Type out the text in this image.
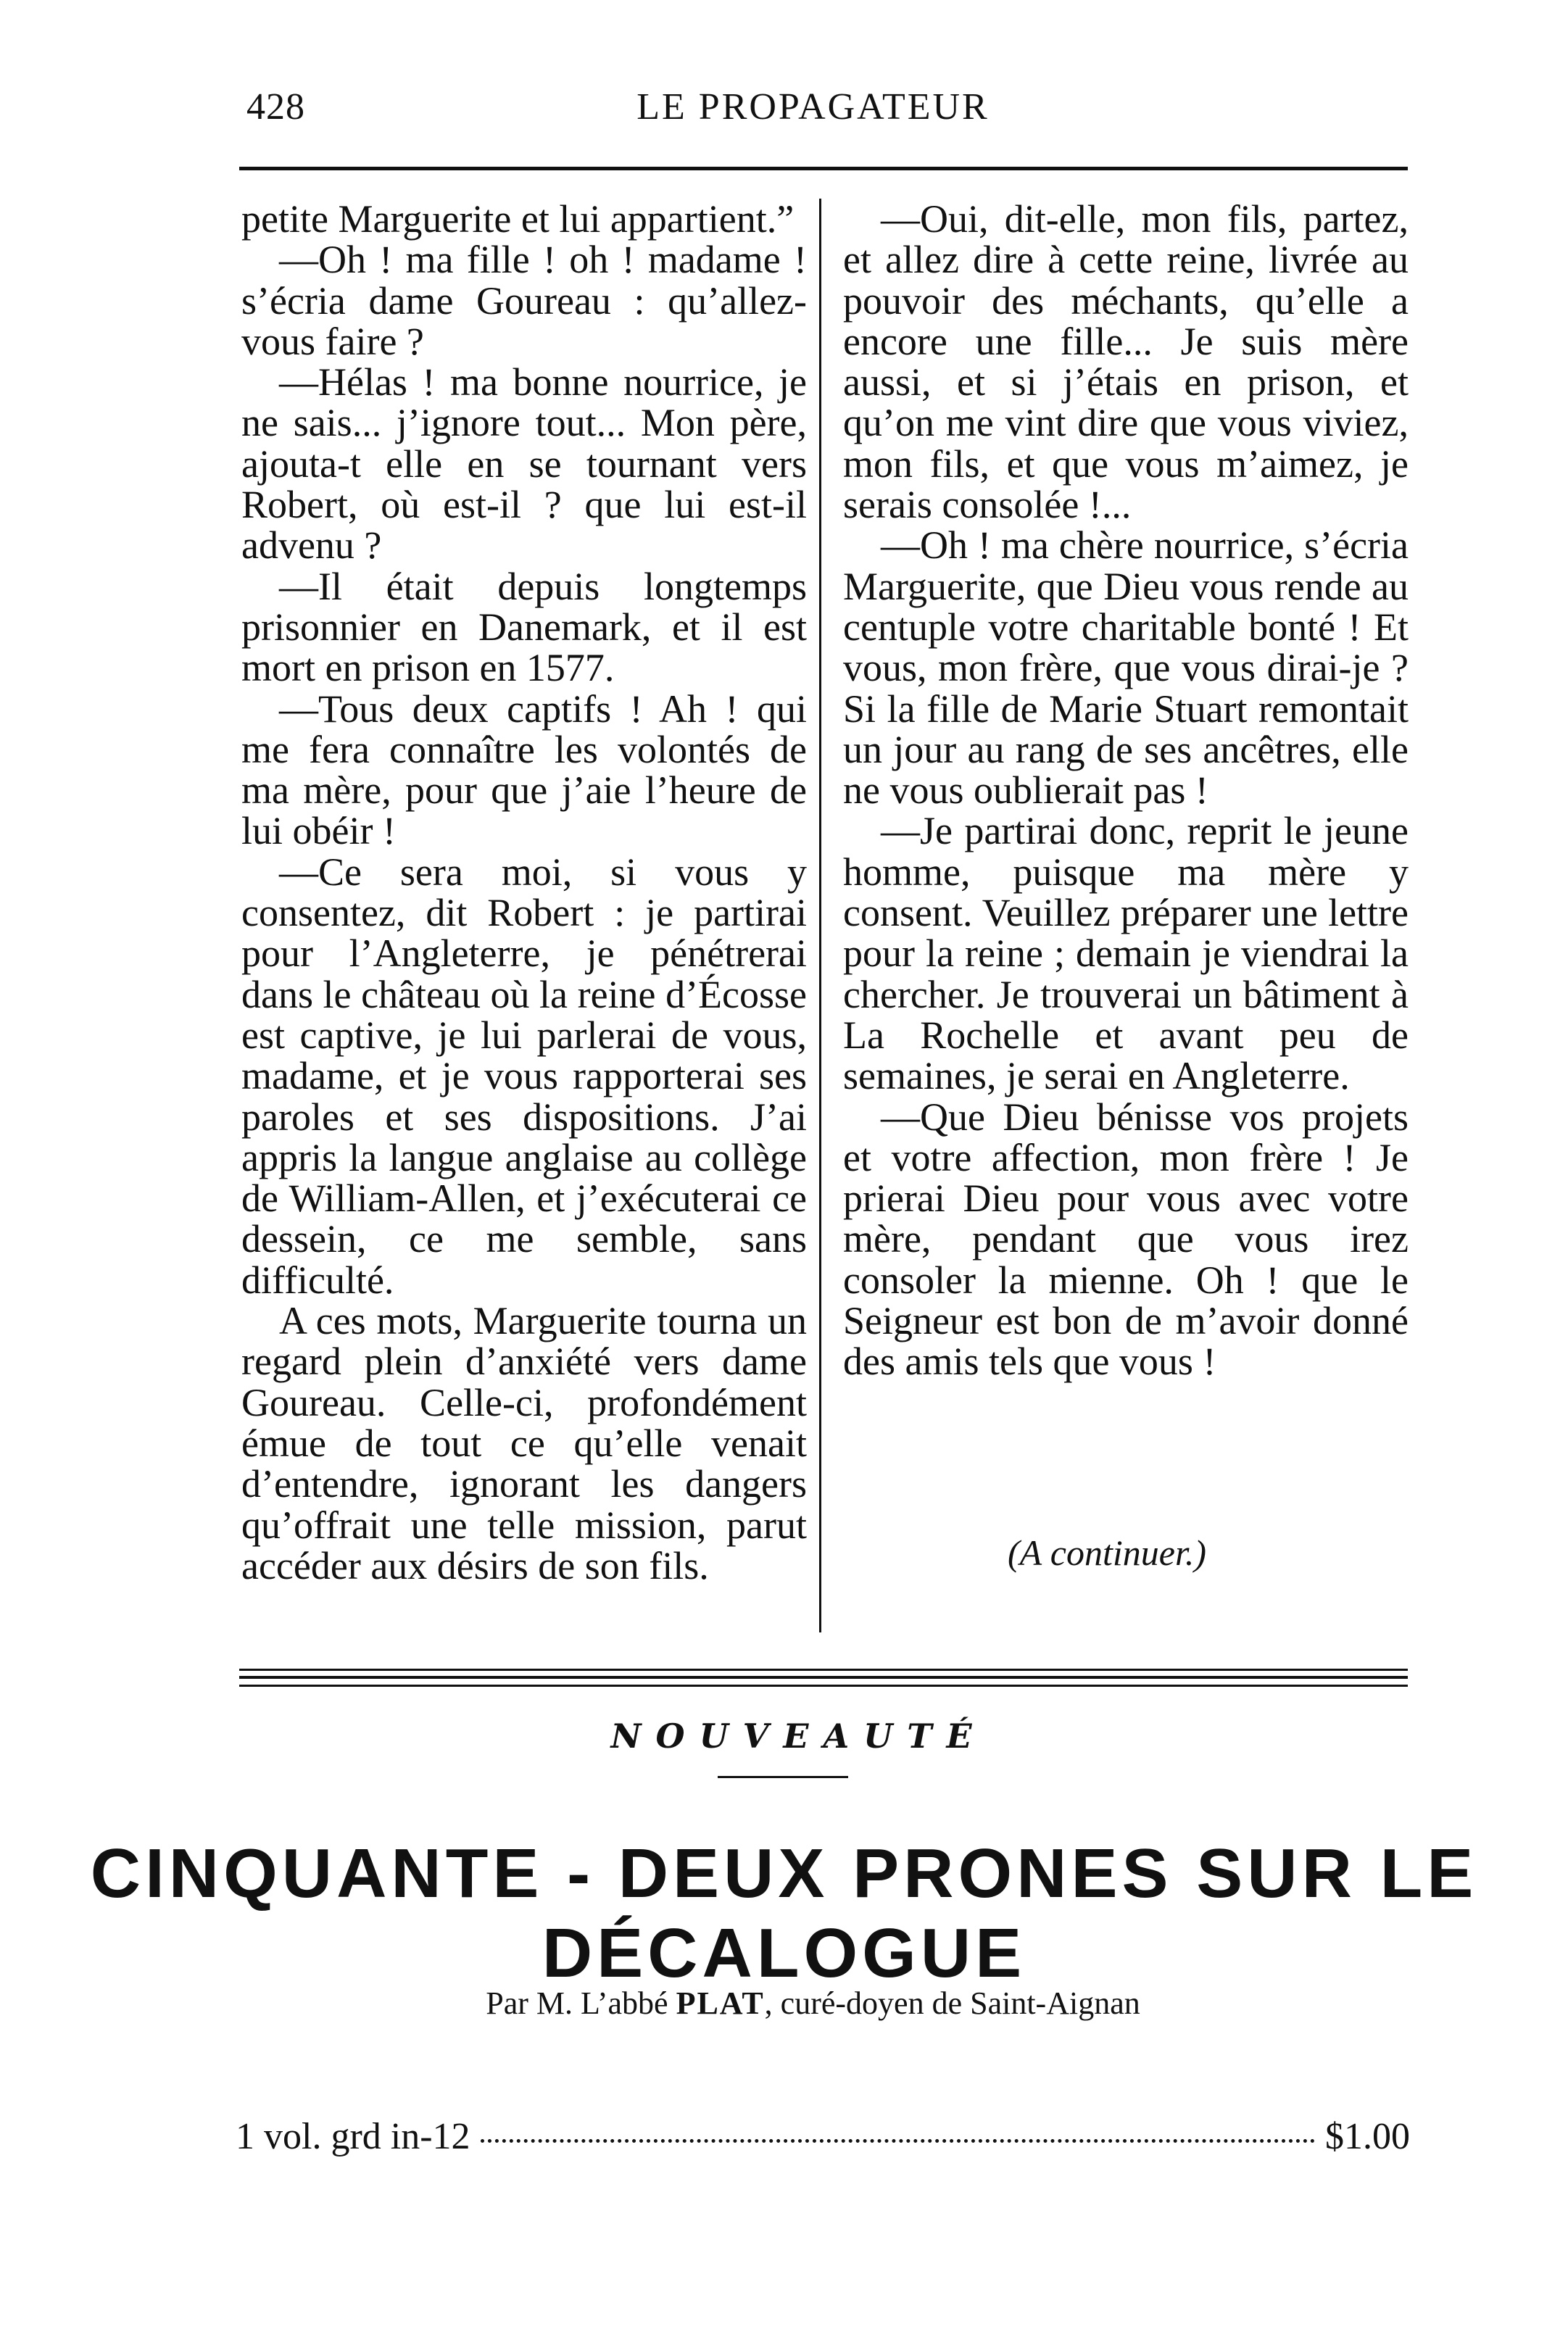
428	LE PROPAGATEUR

petite Marguerite et lui appartient.”

—Oh ! ma fille ! oh ! madame ! s’écria dame Goureau : qu’allez-vous faire ?

—Hélas ! ma bonne nourrice, je ne sais... j’ignore tout... Mon père, ajouta-t elle en se tournant vers Robert, où est-il ? que lui est-il advenu ?

—Il était depuis longtemps prisonnier en Danemark, et il est mort en prison en 1577.

—Tous deux captifs ! Ah ! qui me fera connaître les volontés de ma mère, pour que j’aie l’heure de lui obéir !

—Ce sera moi, si vous y consentez, dit Robert : je partirai pour l’Angleterre, je pénétrerai dans le château où la reine d’Écosse est captive, je lui parlerai de vous, madame, et je vous rapporterai ses paroles et ses dispositions. J’ai appris la langue anglaise au collège de William-Allen, et j’exécuterai ce dessein, ce me semble, sans difficulté.

A ces mots, Marguerite tourna un regard plein d’anxiété vers dame Goureau. Celle-ci, profondément émue de tout ce qu’elle venait d’entendre, ignorant les dangers qu’offrait une telle mission, parut accéder aux désirs de son fils.

—Oui, dit-elle, mon fils, partez, et allez dire à cette reine, livrée au pouvoir des méchants, qu’elle a encore une fille... Je suis mère aussi, et si j’étais en prison, et qu’on me vint dire que vous viviez, mon fils, et que vous m’aimez, je serais consolée !...

—Oh ! ma chère nourrice, s’écria Marguerite, que Dieu vous rende au centuple votre charitable bonté ! Et vous, mon frère, que vous dirai-je ? Si la fille de Marie Stuart remontait un jour au rang de ses ancêtres, elle ne vous oublierait pas !

—Je partirai donc, reprit le jeune homme, puisque ma mère y consent. Veuillez préparer une lettre pour la reine ; demain je viendrai la chercher. Je trouverai un bâtiment à La Rochelle et avant peu de semaines, je serai en Angleterre.

—Que Dieu bénisse vos projets et votre affection, mon frère ! Je prierai Dieu pour vous avec votre mère, pendant que vous irez consoler la mienne. Oh ! que le Seigneur est bon de m’avoir donné des amis tels que vous !

(A continuer.)
NOUVEAUTÉ
CINQUANTE - DEUX PRONES SUR LE DÉCALOGUE
Par M. L’abbé PLAT, curé-doyen de Saint-Aignan
1 vol. grd in-12	$1.00
